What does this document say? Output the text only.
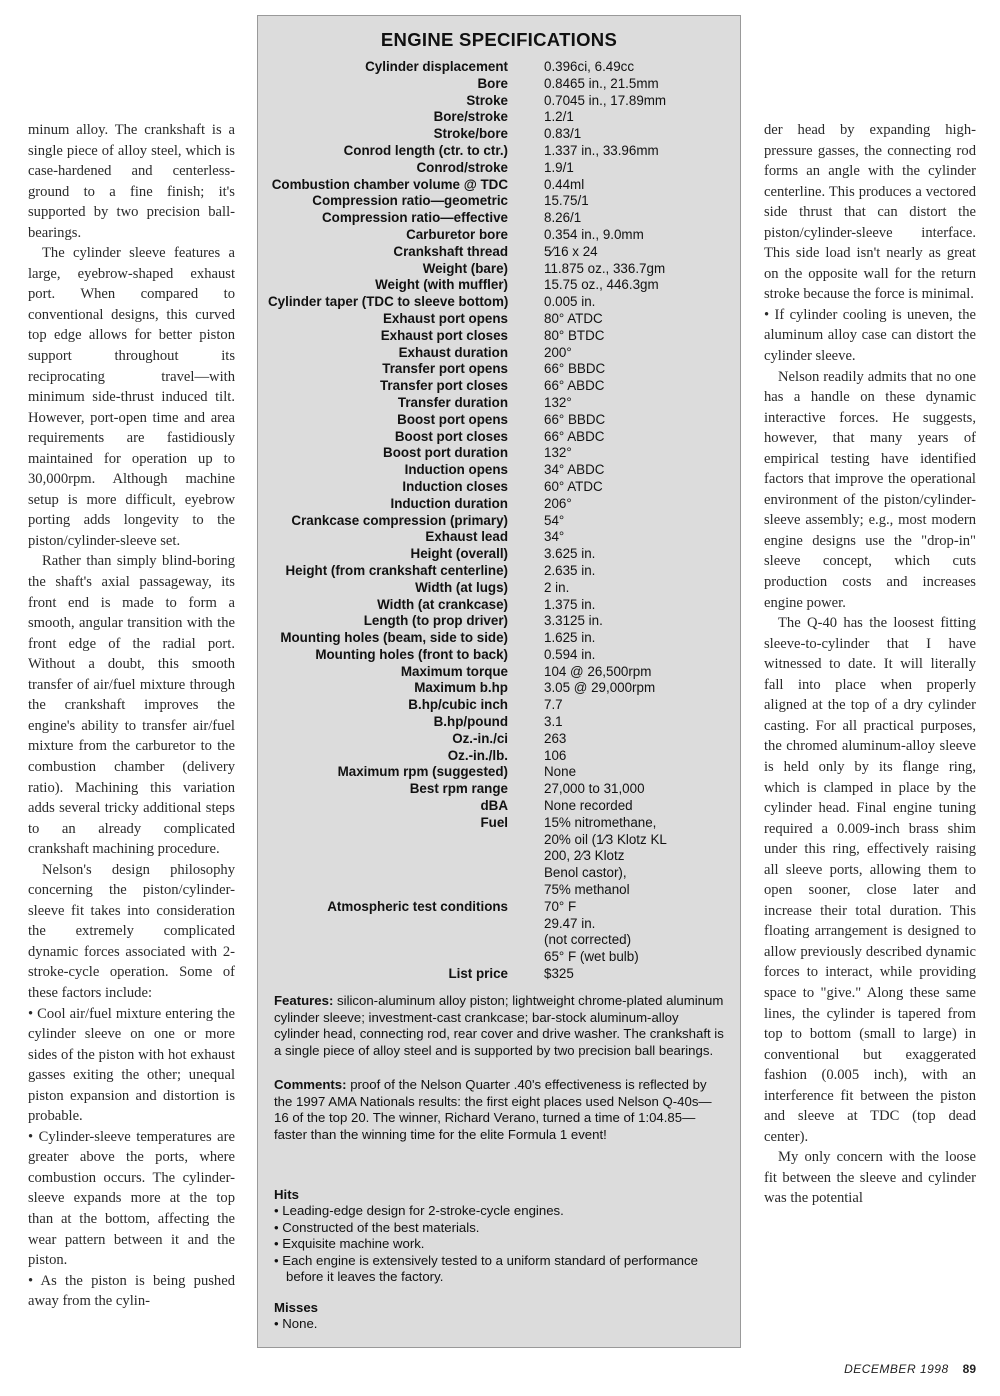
minum alloy. The crankshaft is a single piece of alloy steel, which is case-hardened and centerless-ground to a fine finish; it's supported by two precision ball-bearings.

The cylinder sleeve features a large, eyebrow-shaped exhaust port. When compared to conventional designs, this curved top edge allows for better piston support throughout its reciprocating travel—with minimum side-thrust induced tilt. However, port-open time and area requirements are fastidiously maintained for operation up to 30,000rpm. Although machine setup is more difficult, eyebrow porting adds longevity to the piston/cylinder-sleeve set.

Rather than simply blind-boring the shaft's axial passageway, its front end is made to form a smooth, angular transition with the front edge of the radial port. Without a doubt, this smooth transfer of air/fuel mixture through the crankshaft improves the engine's ability to transfer air/fuel mixture from the carburetor to the combustion chamber (delivery ratio). Machining this variation adds several tricky additional steps to an already complicated crankshaft machining procedure.

Nelson's design philosophy concerning the piston/cylinder-sleeve fit takes into consideration the extremely complicated dynamic forces associated with 2-stroke-cycle operation. Some of these factors include:

• Cool air/fuel mixture entering the cylinder sleeve on one or more sides of the piston with hot exhaust gasses exiting the other; unequal piston expansion and distortion is probable.

• Cylinder-sleeve temperatures are greater above the ports, where combustion occurs. The cylinder-sleeve expands more at the top than at the bottom, affecting the wear pattern between it and the piston.

• As the piston is being pushed away from the cylin-

ENGINE SPECIFICATIONS
Cylinder displacement	0.396ci, 6.49cc
Bore	0.8465 in., 21.5mm
Stroke	0.7045 in., 17.89mm
Bore/stroke	1.2/1
Stroke/bore	0.83/1
Conrod length (ctr. to ctr.)	1.337 in., 33.96mm
Conrod/stroke	1.9/1
Combustion chamber volume @ TDC	0.44ml
Compression ratio—geometric	15.75/1
Compression ratio—effective	8.26/1
Carburetor bore	0.354 in., 9.0mm
Crankshaft thread	5⁄16 x 24
Weight (bare)	11.875 oz., 336.7gm
Weight (with muffler)	15.75 oz., 446.3gm
Cylinder taper (TDC to sleeve bottom)	0.005 in.
Exhaust port opens	80° ATDC
Exhaust port closes	80° BTDC
Exhaust duration	200°
Transfer port opens	66° BBDC
Transfer port closes	66° ABDC
Transfer duration	132°
Boost port opens	66° BBDC
Boost port closes	66° ABDC
Boost port duration	132°
Induction opens	34° ABDC
Induction closes	60° ATDC
Induction duration	206°
Crankcase compression (primary)	54°
Exhaust lead	34°
Height (overall)	3.625 in.
Height (from crankshaft centerline)	2.635 in.
Width (at lugs)	2 in.
Width (at crankcase)	1.375 in.
Length (to prop driver)	3.3125 in.
Mounting holes (beam, side to side)	1.625 in.
Mounting holes (front to back)	0.594 in.
Maximum torque	104 @ 26,500rpm
Maximum b.hp	3.05 @ 29,000rpm
B.hp/cubic inch	7.7
B.hp/pound	3.1
Oz.-in./ci	263
Oz.-in./lb.	106
Maximum rpm (suggested)	None
Best rpm range	27,000 to 31,000
dBA	None recorded
Fuel	15% nitromethane,
20% oil (1⁄3 Klotz KL
200, 2⁄3 Klotz
Benol castor),
75% methanol
Atmospheric test conditions	70° F
29.47 in.
(not corrected)
65° F (wet bulb)
List price	$325
Features: silicon-aluminum alloy piston; lightweight chrome-plated aluminum cylinder sleeve; investment-cast crankcase; bar-stock aluminum-alloy cylinder head, connecting rod, rear cover and drive washer. The crankshaft is a single piece of alloy steel and is supported by two precision ball bearings.
Comments: proof of the Nelson Quarter .40's effectiveness is reflected by the 1997 AMA Nationals results: the first eight places used Nelson Q-40s—16 of the top 20. The winner, Richard Verano, turned a time of 1:04.85—faster than the winning time for the elite Formula 1 event!
Hits
• Leading-edge design for 2-stroke-cycle engines.
• Constructed of the best materials.
• Exquisite machine work.
• Each engine is extensively tested to a uniform standard of performance before it leaves the factory.
Misses
• None.

der head by expanding high-pressure gasses, the connecting rod forms an angle with the cylinder centerline. This produces a vectored side thrust that can distort the piston/cylinder-sleeve interface. This side load isn't nearly as great on the opposite wall for the return stroke because the force is minimal.

• If cylinder cooling is uneven, the aluminum alloy case can distort the cylinder sleeve.

Nelson readily admits that no one has a handle on these dynamic interactive forces. He suggests, however, that many years of empirical testing have identified factors that improve the operational environment of the piston/cylinder-sleeve assembly; e.g., most modern engine designs use the "drop-in" sleeve concept, which cuts production costs and increases engine power.

The Q-40 has the loosest fitting sleeve-to-cylinder that I have witnessed to date. It will literally fall into place when properly aligned at the top of a dry cylinder casting. For all practical purposes, the chromed aluminum-alloy sleeve is held only by its flange ring, which is clamped in place by the cylinder head. Final engine tuning required a 0.009-inch brass shim under this ring, effectively raising all sleeve ports, allowing them to open sooner, close later and increase their total duration. This floating arrangement is designed to allow previously described dynamic forces to interact, while providing space to "give." Along these same lines, the cylinder is tapered from top to bottom (small to large) in conventional but exaggerated fashion (0.005 inch), with an interference fit between the piston and sleeve at TDC (top dead center).

My only concern with the loose fit between the sleeve and cylinder was the potential

DECEMBER 1998 89
